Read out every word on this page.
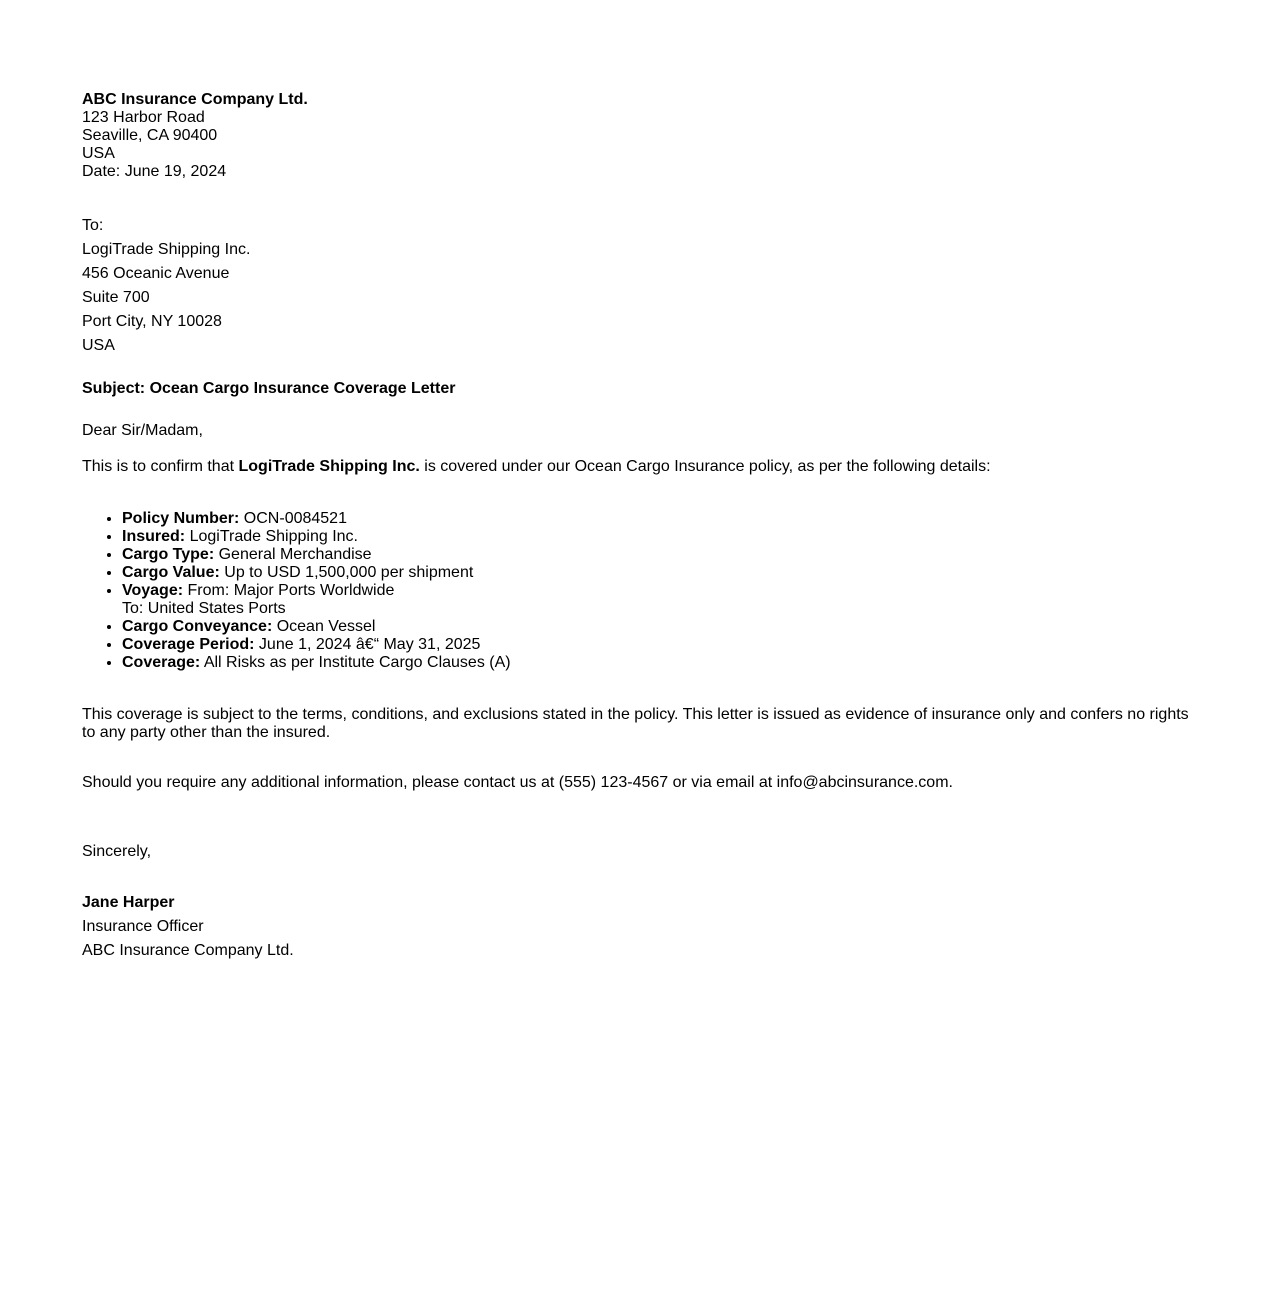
ABC Insurance Company Ltd.
123 Harbor Road
Seaville, CA 90400
USA
Date: June 19, 2024
To:
LogiTrade Shipping Inc.
456 Oceanic Avenue
Suite 700
Port City, NY 10028
USA
Subject: Ocean Cargo Insurance Coverage Letter
Dear Sir/Madam,
This is to confirm that LogiTrade Shipping Inc. is covered under our Ocean Cargo Insurance policy, as per the following details:
• Policy Number: OCN-0084521
• Insured: LogiTrade Shipping Inc.
• Cargo Type: General Merchandise
• Cargo Value: Up to USD 1,500,000 per shipment
• Voyage: From: Major Ports Worldwide
To: United States Ports
• Cargo Conveyance: Ocean Vessel
• Coverage Period: June 1, 2024 â€“ May 31, 2025
• Coverage: All Risks as per Institute Cargo Clauses (A)
This coverage is subject to the terms, conditions, and exclusions stated in the policy. This letter is issued as evidence of insurance only and confers no rights to any party other than the insured.
Should you require any additional information, please contact us at (555) 123-4567 or via email at info@abcinsurance.com.
Sincerely,
Jane Harper
Insurance Officer
ABC Insurance Company Ltd.
